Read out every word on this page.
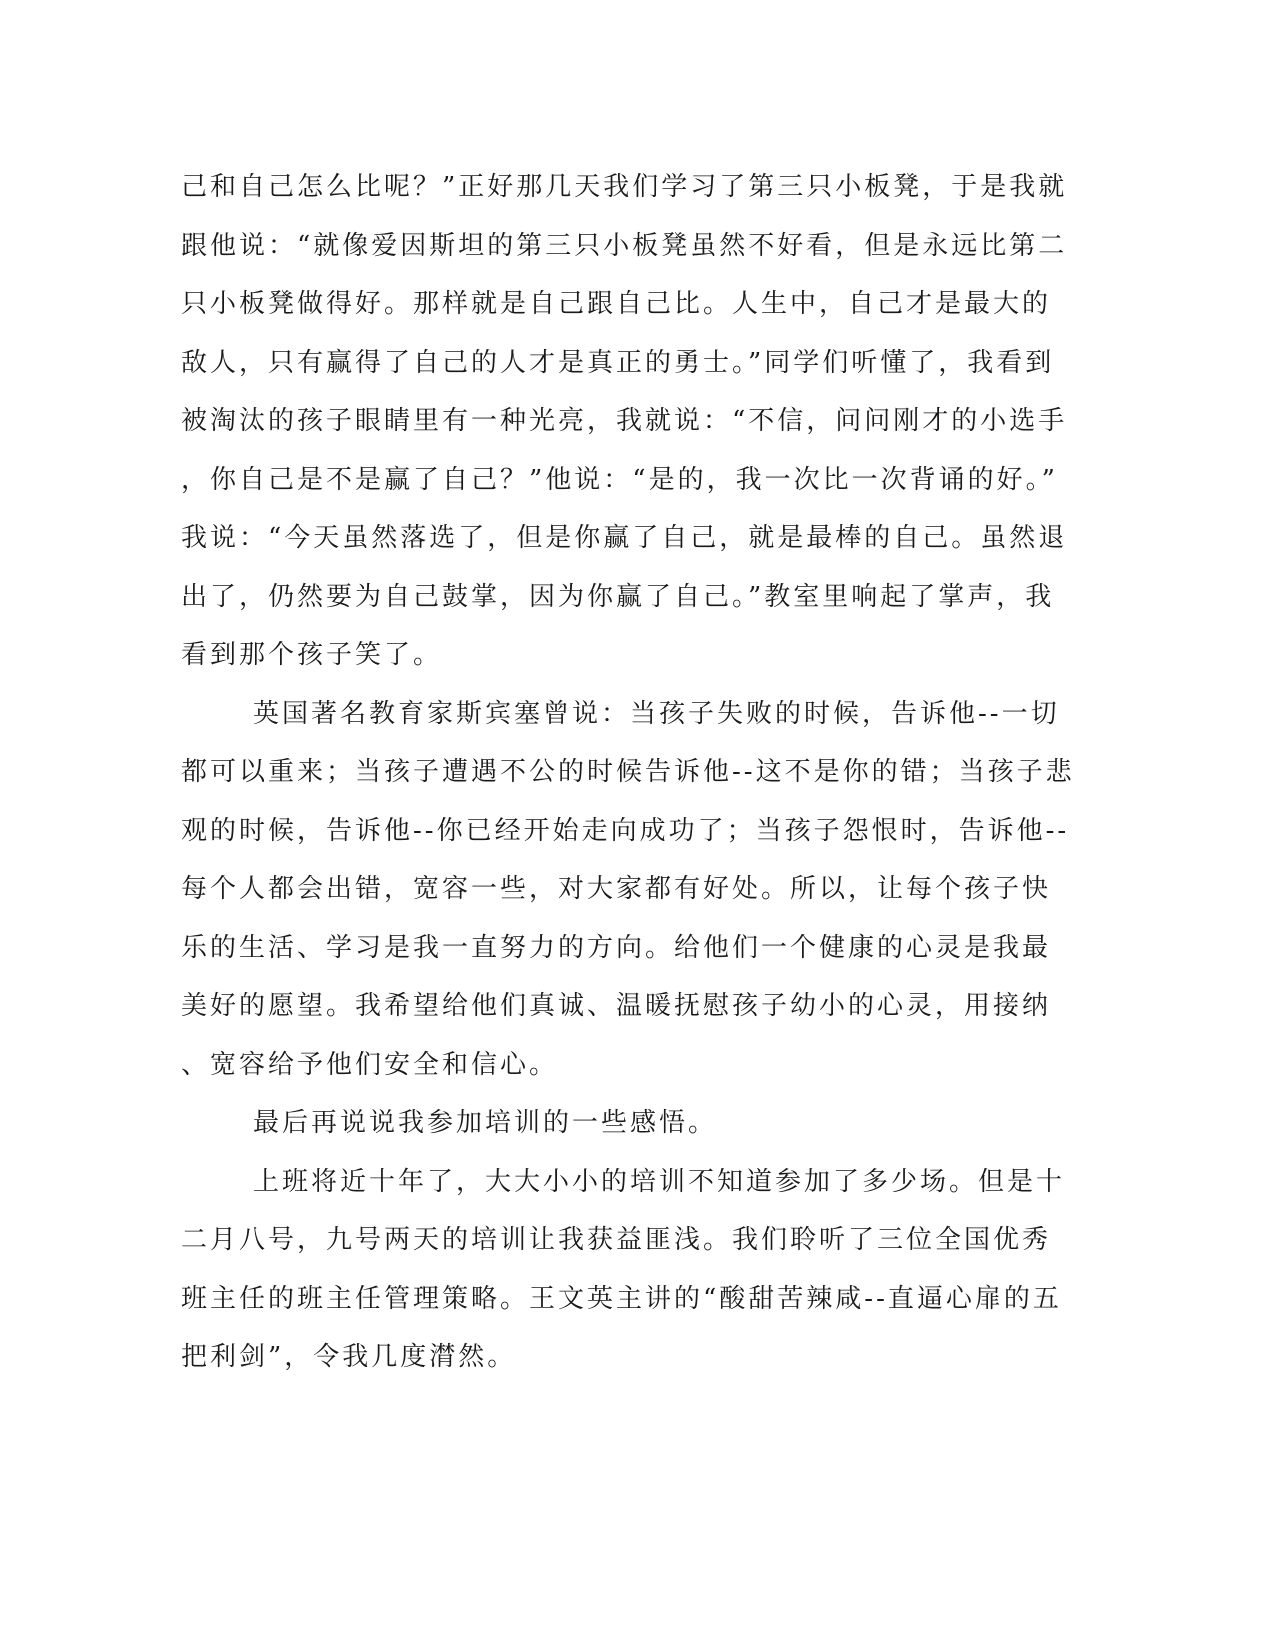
己和自己怎么比呢？”正好那几天我们学习了第三只小板凳，于是我就
跟他说：“就像爱因斯坦的第三只小板凳虽然不好看，但是永远比第二
只小板凳做得好。那样就是自己跟自己比。人生中，自己才是最大的
敌人，只有赢得了自己的人才是真正的勇士。”同学们听懂了，我看到
被淘汰的孩子眼睛里有一种光亮，我就说：“不信，问问刚才的小选手
，你自己是不是赢了自己？”他说：“是的，我一次比一次背诵的好。”
我说：“今天虽然落选了，但是你赢了自己，就是最棒的自己。虽然退
出了，仍然要为自己鼓掌，因为你赢了自己。”教室里响起了掌声，我
看到那个孩子笑了。
英国著名教育家斯宾塞曾说：当孩子失败的时候，告诉他--一切
都可以重来；当孩子遭遇不公的时候告诉他--这不是你的错；当孩子悲
观的时候，告诉他--你已经开始走向成功了；当孩子怨恨时，告诉他--
每个人都会出错，宽容一些，对大家都有好处。所以，让每个孩子快
乐的生活、学习是我一直努力的方向。给他们一个健康的心灵是我最
美好的愿望。我希望给他们真诚、温暖抚慰孩子幼小的心灵，用接纳
、宽容给予他们安全和信心。
最后再说说我参加培训的一些感悟。
上班将近十年了，大大小小的培训不知道参加了多少场。但是十
二月八号，九号两天的培训让我获益匪浅。我们聆听了三位全国优秀
班主任的班主任管理策略。王文英主讲的“酸甜苦辣咸--直逼心扉的五
把利剑”，令我几度潸然。
